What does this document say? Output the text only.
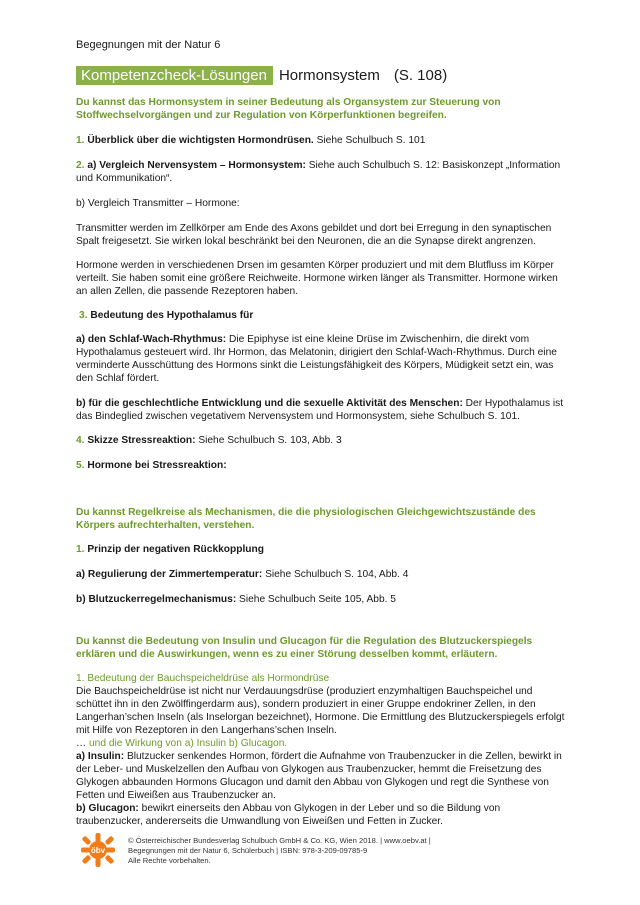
Begegnungen mit der Natur 6
Kompetenzcheck-Lösungen Hormonsystem (S. 108)

Du kannst das Hormonsystem in seiner Bedeutung als Organsystem zur Steuerung von Stoffwechselvorgängen und zur Regulation von Körperfunktionen begreifen.

1. Überblick über die wichtigsten Hormondrüsen. Siehe Schulbuch S. 101

2. a) Vergleich Nervensystem – Hormonsystem: Siehe auch Schulbuch S. 12: Basiskonzept „Information und Kommunikation“.

b) Vergleich Transmitter – Hormone:

Transmitter werden im Zellkörper am Ende des Axons gebildet und dort bei Erregung in den synaptischen Spalt freigesetzt. Sie wirken lokal beschränkt bei den Neuronen, die an die Synapse direkt angrenzen.

Hormone werden in verschiedenen Drsen im gesamten Körper produziert und mit dem Blutfluss im Körper verteilt. Sie haben somit eine größere Reichweite. Hormone wirken länger als Transmitter. Hormone wirken an allen Zellen, die passende Rezeptoren haben.

3. Bedeutung des Hypothalamus für

a) den Schlaf-Wach-Rhythmus: Die Epiphyse ist eine kleine Drüse im Zwischenhirn, die direkt vom Hypothalamus gesteuert wird. Ihr Hormon, das Melatonin, dirigiert den Schlaf-Wach-Rhythmus. Durch eine verminderte Ausschüttung des Hormons sinkt die Leistungsfähigkeit des Körpers, Müdigkeit setzt ein, was den Schlaf fördert.

b) für die geschlechtliche Entwicklung und die sexuelle Aktivität des Menschen: Der Hypothalamus ist das Bindeglied zwischen vegetativem Nervensystem und Hormonsystem, siehe Schulbuch S. 101.

4. Skizze Stressreaktion: Siehe Schulbuch S. 103, Abb. 3

5. Hormone bei Stressreaktion:

Du kannst Regelkreise als Mechanismen, die die physiologischen Gleichgewichtszustände des Körpers aufrechterhalten, verstehen.

1. Prinzip der negativen Rückkopplung

a) Regulierung der Zimmertemperatur: Siehe Schulbuch S. 104, Abb. 4

b) Blutzuckerregelmechanismus: Siehe Schulbuch Seite 105, Abb. 5

Du kannst die Bedeutung von Insulin und Glucagon für die Regulation des Blutzuckerspiegels erklären und die Auswirkungen, wenn es zu einer Störung desselben kommt, erläutern.

1. Bedeutung der Bauchspeicheldrüse als Hormondrüse

Die Bauchspeicheldrüse ist nicht nur Verdauungsdrüse (produziert enzymhaltigen Bauchspeichel und schüttet ihn in den Zwölffingerdarm aus), sondern produziert in einer Gruppe endokriner Zellen, in den Langerhan’schen Inseln (als Inselorgan bezeichnet), Hormone. Die Ermittlung des Blutzuckerspiegels erfolgt mit Hilfe von Rezeptoren in den Langerhans’schen Inseln.

… und die Wirkung von a) Insulin b) Glucagon.

a) Insulin: Blutzucker senkendes Hormon, fördert die Aufnahme von Traubenzucker in die Zellen, bewirkt in der Leber- und Muskelzellen den Aufbau von Glykogen aus Traubenzucker, hemmt die Freisetzung des Glykogen abbaunden Hormons Glucagon und damit den Abbau von Glykogen und regt die Synthese von Fetten und Eiweißen aus Traubenzucker an.

b) Glucagon: bewikrt einerseits den Abbau von Glykogen in der Leber und so die Bildung von traubenzucker, andererseits die Umwandlung von Eiweißen und Fetten in Zucker.

öbv
© Österreichischer Bundesverlag Schulbuch GmbH & Co. KG, Wien 2018. | www.oebv.at |
Begegnungen mit der Natur 6, Schülerbuch | ISBN: 978-3-209-09785-9
Alle Rechte vorbehalten.
